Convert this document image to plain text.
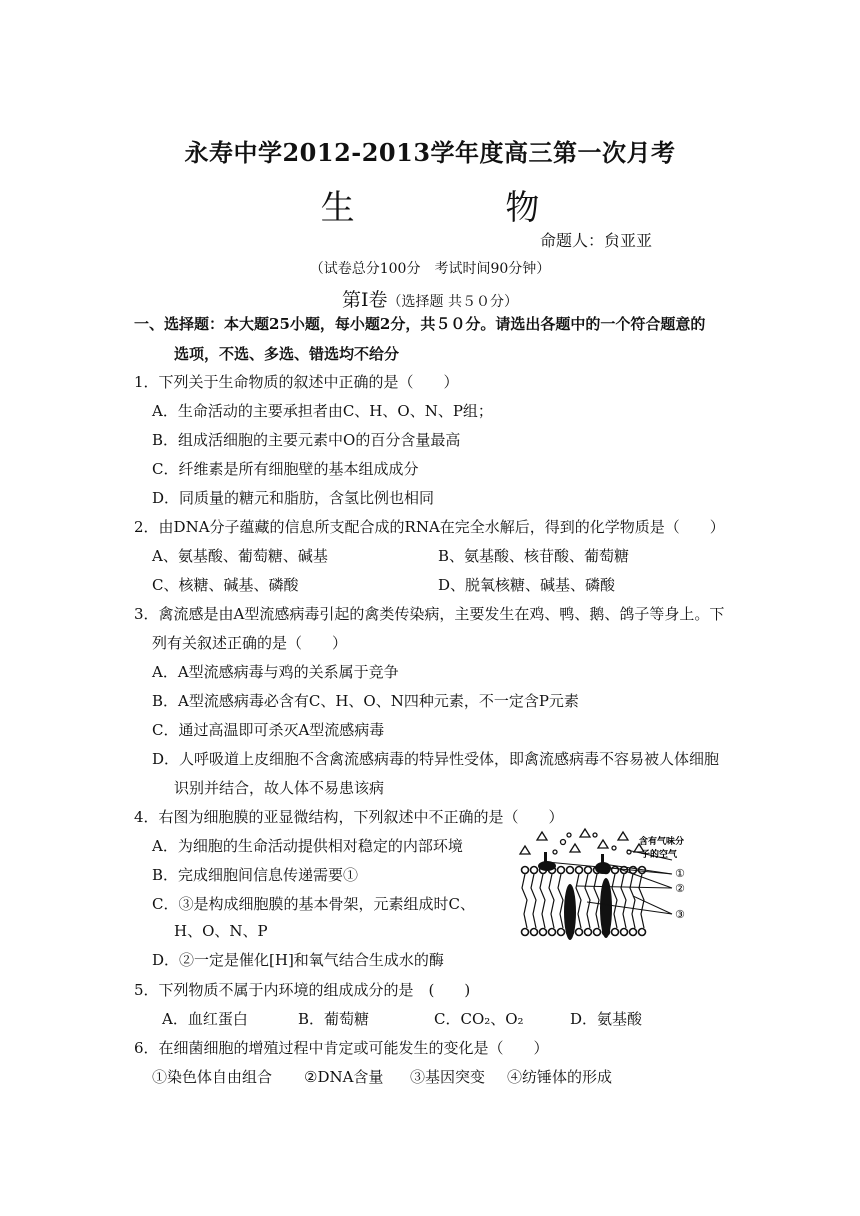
永寿中学2012-2013学年度高三第一次月考
生 物
命题人：贠亚亚
（试卷总分100分　考试时间90分钟）
第Ⅰ卷（选择题 共５０分）
一、选择题：本大题25小题，每小题2分，共５０分。请选出各题中的一个符合题意的
选项，不选、多选、错选均不给分
1．下列关于生命物质的叙述中正确的是（　　）
A．生命活动的主要承担者由C、H、O、N、P组；
B．组成活细胞的主要元素中O的百分含量最高
C．纤维素是所有细胞壁的基本组成成分
D．同质量的糖元和脂肪，含氢比例也相同
2．由DNA分子蕴藏的信息所支配合成的RNA在完全水解后，得到的化学物质是（　　）
A、氨基酸、葡萄糖、碱基	B、氨基酸、核苷酸、葡萄糖
C、核糖、碱基、磷酸	D、脱氧核糖、碱基、磷酸
3．禽流感是由A型流感病毒引起的禽类传染病，主要发生在鸡、鸭、鹅、鸽子等身上。下
列有关叙述正确的是（　　）
A．A型流感病毒与鸡的关系属于竞争
B．A型流感病毒必含有C、H、O、N四种元素，不一定含P元素
C．通过高温即可杀灭A型流感病毒
D．人呼吸道上皮细胞不含禽流感病毒的特异性受体，即禽流感病毒不容易被人体细胞
识别并结合，故人体不易患该病
4．右图为细胞膜的亚显微结构，下列叙述中不正确的是（　　）
A．为细胞的生命活动提供相对稳定的内部环境
B．完成细胞间信息传递需要①
C．③是构成细胞膜的基本骨架，元素组成时C、
H、O、N、P
D．②一定是催化[H]和氧气结合生成水的酶
含有气味分
子的空气
①
②
③
5．下列物质不属于内环境的组成成分的是　(　　)
A．血红蛋白	B．葡萄糖	C．CO₂、O₂	D．氨基酸
6．在细菌细胞的增殖过程中肯定或可能发生的变化是（　　）
①染色体自由组合 ②DNA含量 ③基因突变 ④纺锤体的形成
